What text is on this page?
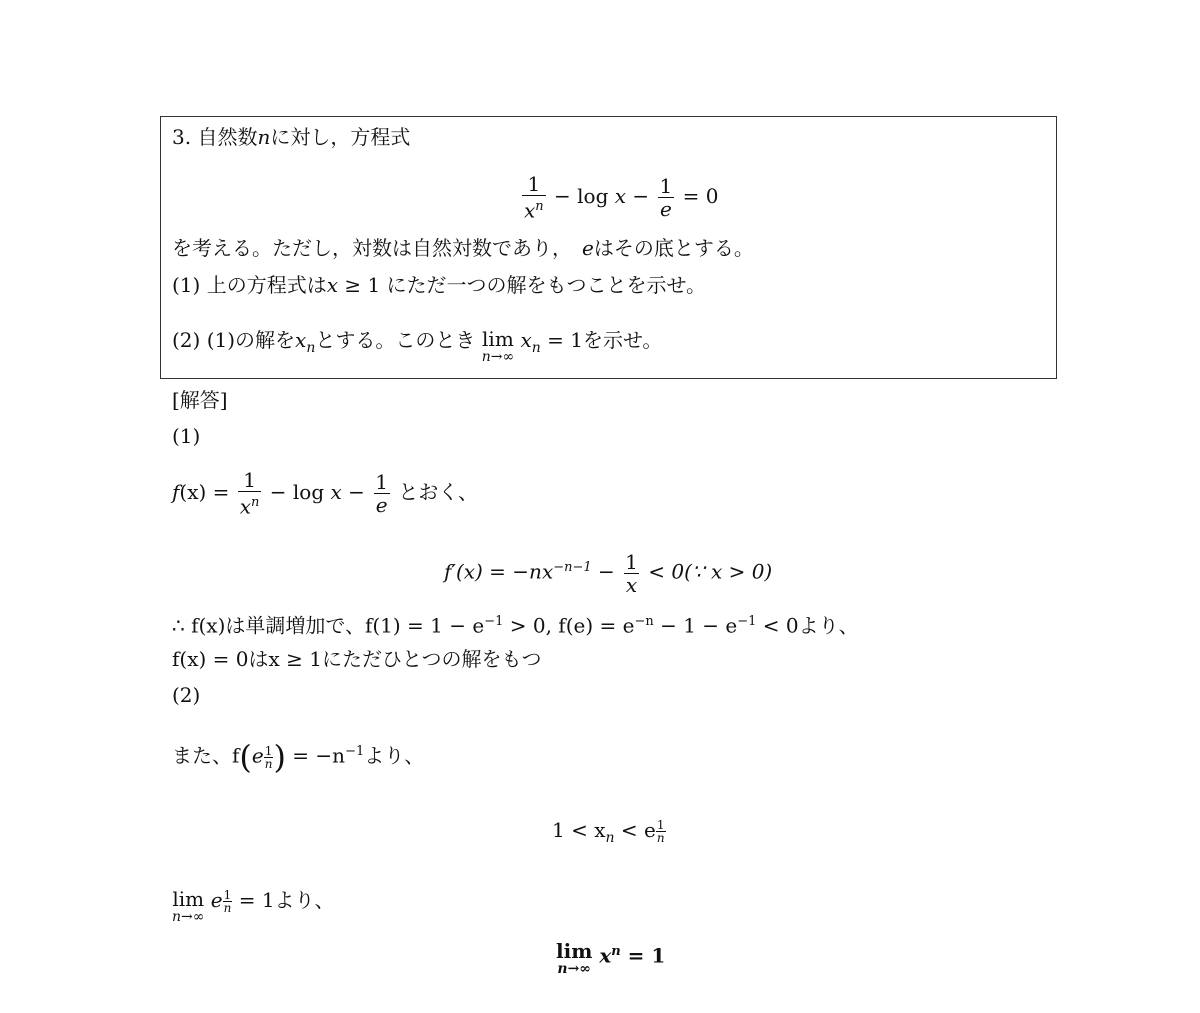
3. 自然数nに対し，方程式
$\frac{1}{x^n} - \log x - \frac{1}{e} = 0$
を考える。ただし，対数は自然対数であり，　eはその底とする。
(1) 上の方程式はx ≥ 1 にただ一つの解をもつことを示せ。
(2) (1)の解を$x_n$とする。このとき lim
n→∞
$x_n = 1$を示せ。
[解答]
(1)
$f(x) = \frac{1}{x^n} - \log x - \frac{1}{e}$ とおく、
$f'(x) = -nx^{-n-1} - \frac{1}{x}$ < 0(∵ x > 0)
∴ f(x)は単調増加で、$f(1) = 1 - e^{-1} > 0$, $f(e) = e^{-n} - 1 - e^{-1} < 0$より、
f(x) = 0はx ≥ 1にただひとつの解をもつ
(2)
また、$f(e \frac{1}{n}$ ) = $-n^{-1}$より、
$1 < x_n < e \frac{1}{n}$
lim
n→∞
e $\frac{1}{n} = 1$より、
lim
n→∞
$x^n = 1$
